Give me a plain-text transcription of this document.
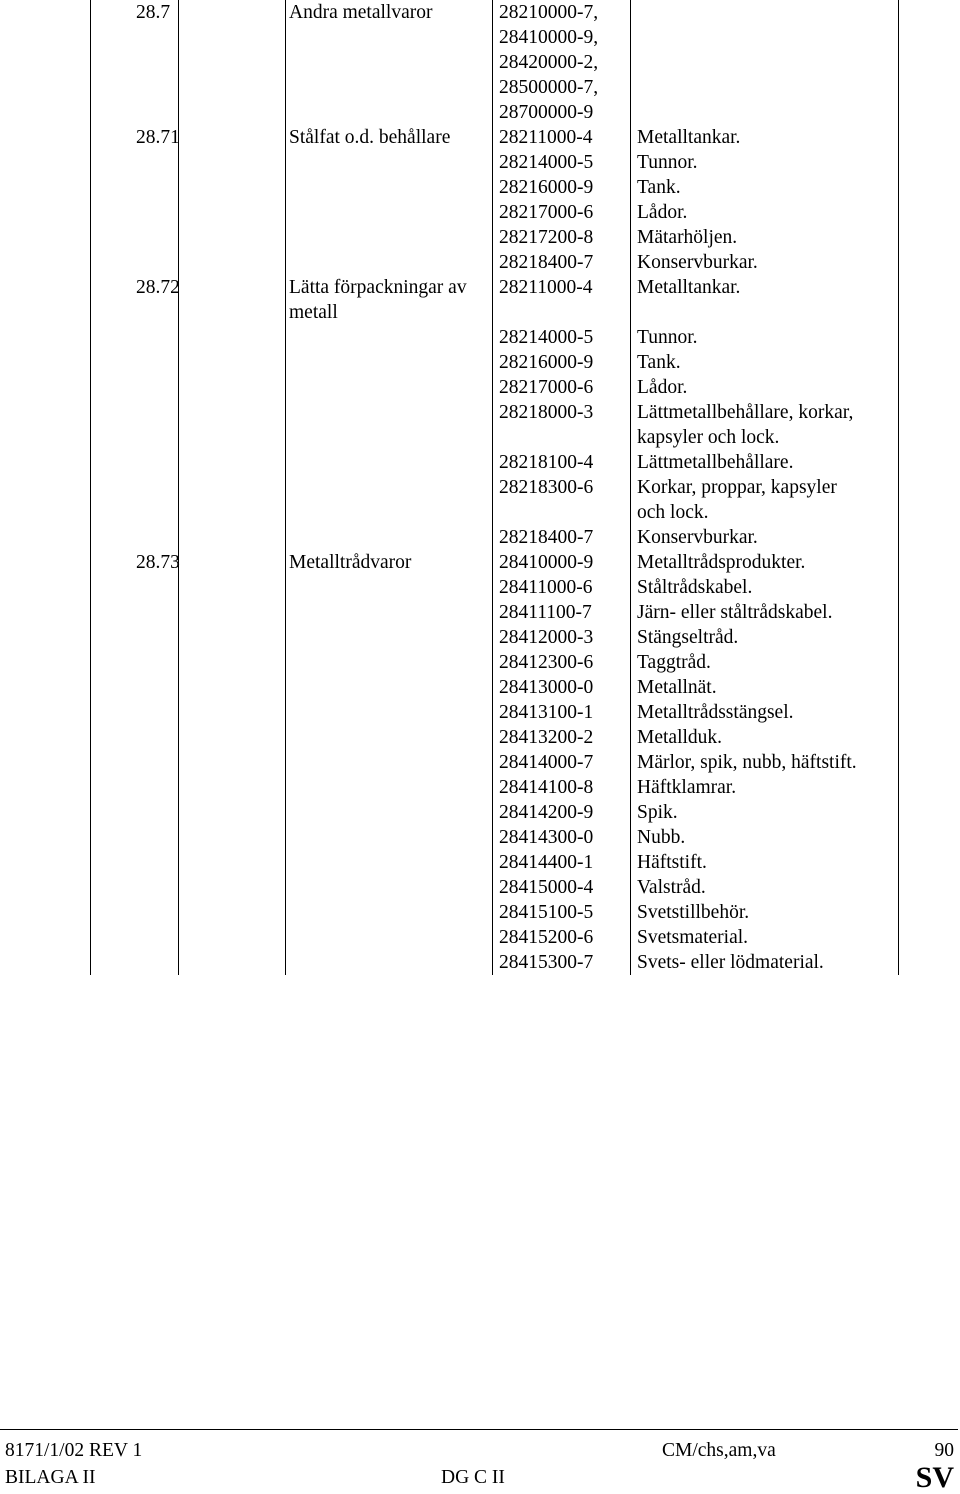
28.7	Andra metallvaror	28210000-7,
28410000-9,
28420000-2,
28500000-7,
28700000-9
28.71	Stålfat o.d. behållare 28211000-4 Metalltankar.
28214000-5 Tunnor.
28216000-9 Tank.
28217000-6 Lådor.
28217200-8 Mätarhöljen.
28218400-7 Konservburkar.
28.72	Lätta förpackningar av
metall
28211000-4 Metalltankar.
28214000-5 Tunnor.
28216000-9 Tank.
28217000-6 Lådor.
28218000-3 Lättmetallbehållare, korkar,
kapsyler och lock.
28218100-4 Lättmetallbehållare.
28218300-6 Korkar, proppar, kapsyler
och lock.
28218400-7 Konservburkar.
28.73	Metalltrådvaror	28410000-9 Metalltrådsprodukter.
28411000-6 Ståltrådskabel.
28411100-7 Järn- eller ståltrådskabel.
28412000-3 Stängseltråd.
28412300-6 Taggtråd.
28413000-0 Metallnät.
28413100-1 Metalltrådsstängsel.
28413200-2 Metallduk.
28414000-7 Märlor, spik, nubb, häftstift.
28414100-8 Häftklamrar.
28414200-9 Spik.
28414300-0 Nubb.
28414400-1 Häftstift.
28415000-4 Valstråd.
28415100-5 Svetstillbehör.
28415200-6 Svetsmaterial.
28415300-7 Svets- eller lödmaterial.
8171/1/02 REV 1	CM/chs,am,va	90
BILAGA II	DG C II	SV
